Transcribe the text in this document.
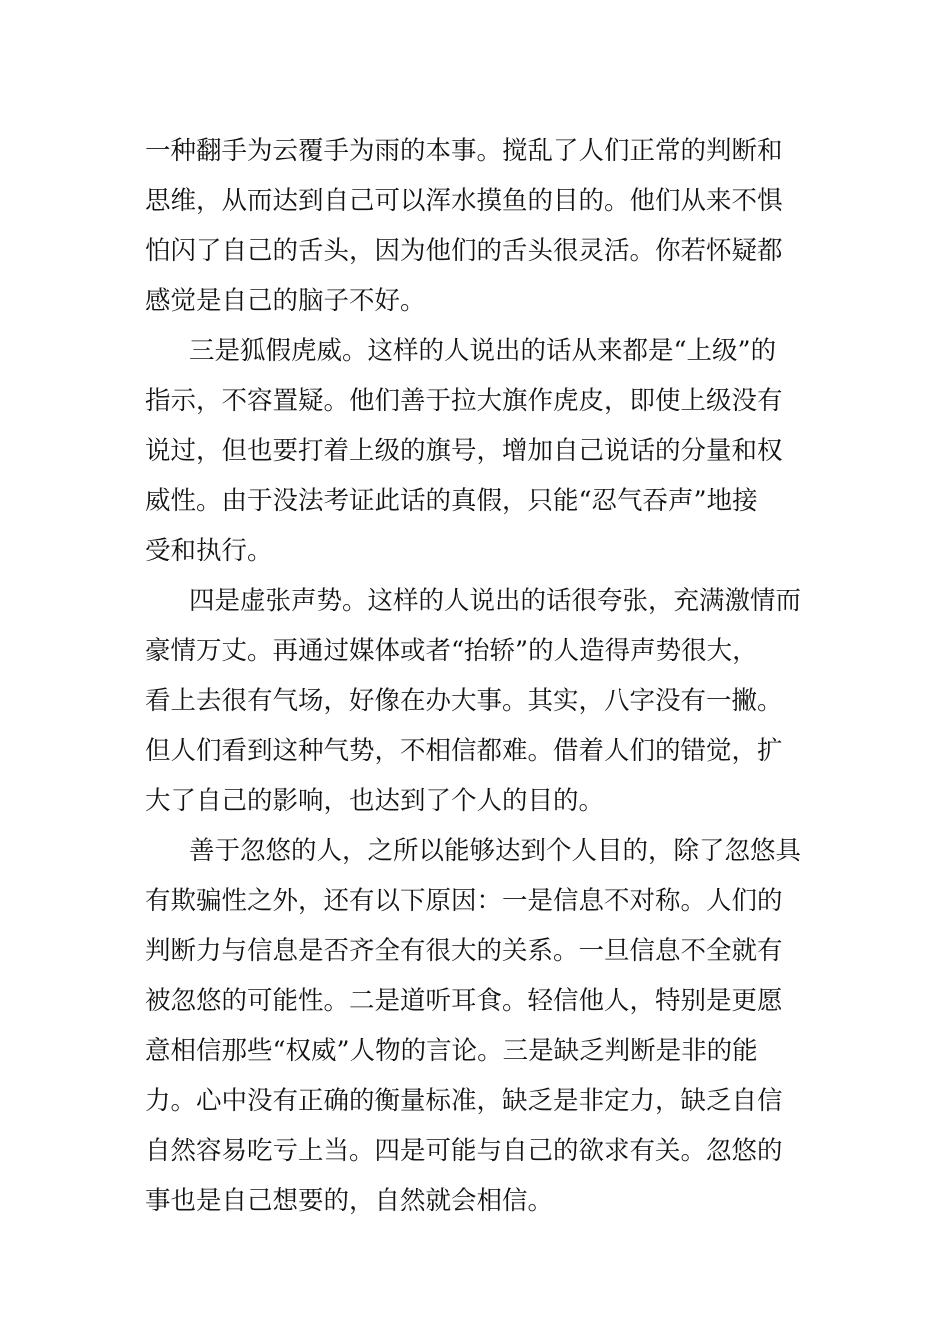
一种翻手为云覆手为雨的本事。搅乱了人们正常的判断和
思维，从而达到自己可以浑水摸鱼的目的。他们从来不惧
怕闪了自己的舌头，因为他们的舌头很灵活。你若怀疑都
感觉是自己的脑子不好。
三是狐假虎威。这样的人说出的话从来都是“上级”的
指示，不容置疑。他们善于拉大旗作虎皮，即使上级没有
说过，但也要打着上级的旗号，增加自己说话的分量和权
威性。由于没法考证此话的真假，只能“忍气吞声”地接
受和执行。
四是虚张声势。这样的人说出的话很夸张，充满激情而
豪情万丈。再通过媒体或者“抬轿”的人造得声势很大，
看上去很有气场，好像在办大事。其实，八字没有一撇。
但人们看到这种气势，不相信都难。借着人们的错觉，扩
大了自己的影响，也达到了个人的目的。
善于忽悠的人，之所以能够达到个人目的，除了忽悠具
有欺骗性之外，还有以下原因：一是信息不对称。人们的
判断力与信息是否齐全有很大的关系。一旦信息不全就有
被忽悠的可能性。二是道听耳食。轻信他人，特别是更愿
意相信那些“权威”人物的言论。三是缺乏判断是非的能
力。心中没有正确的衡量标准，缺乏是非定力，缺乏自信
自然容易吃亏上当。四是可能与自己的欲求有关。忽悠的
事也是自己想要的，自然就会相信。
